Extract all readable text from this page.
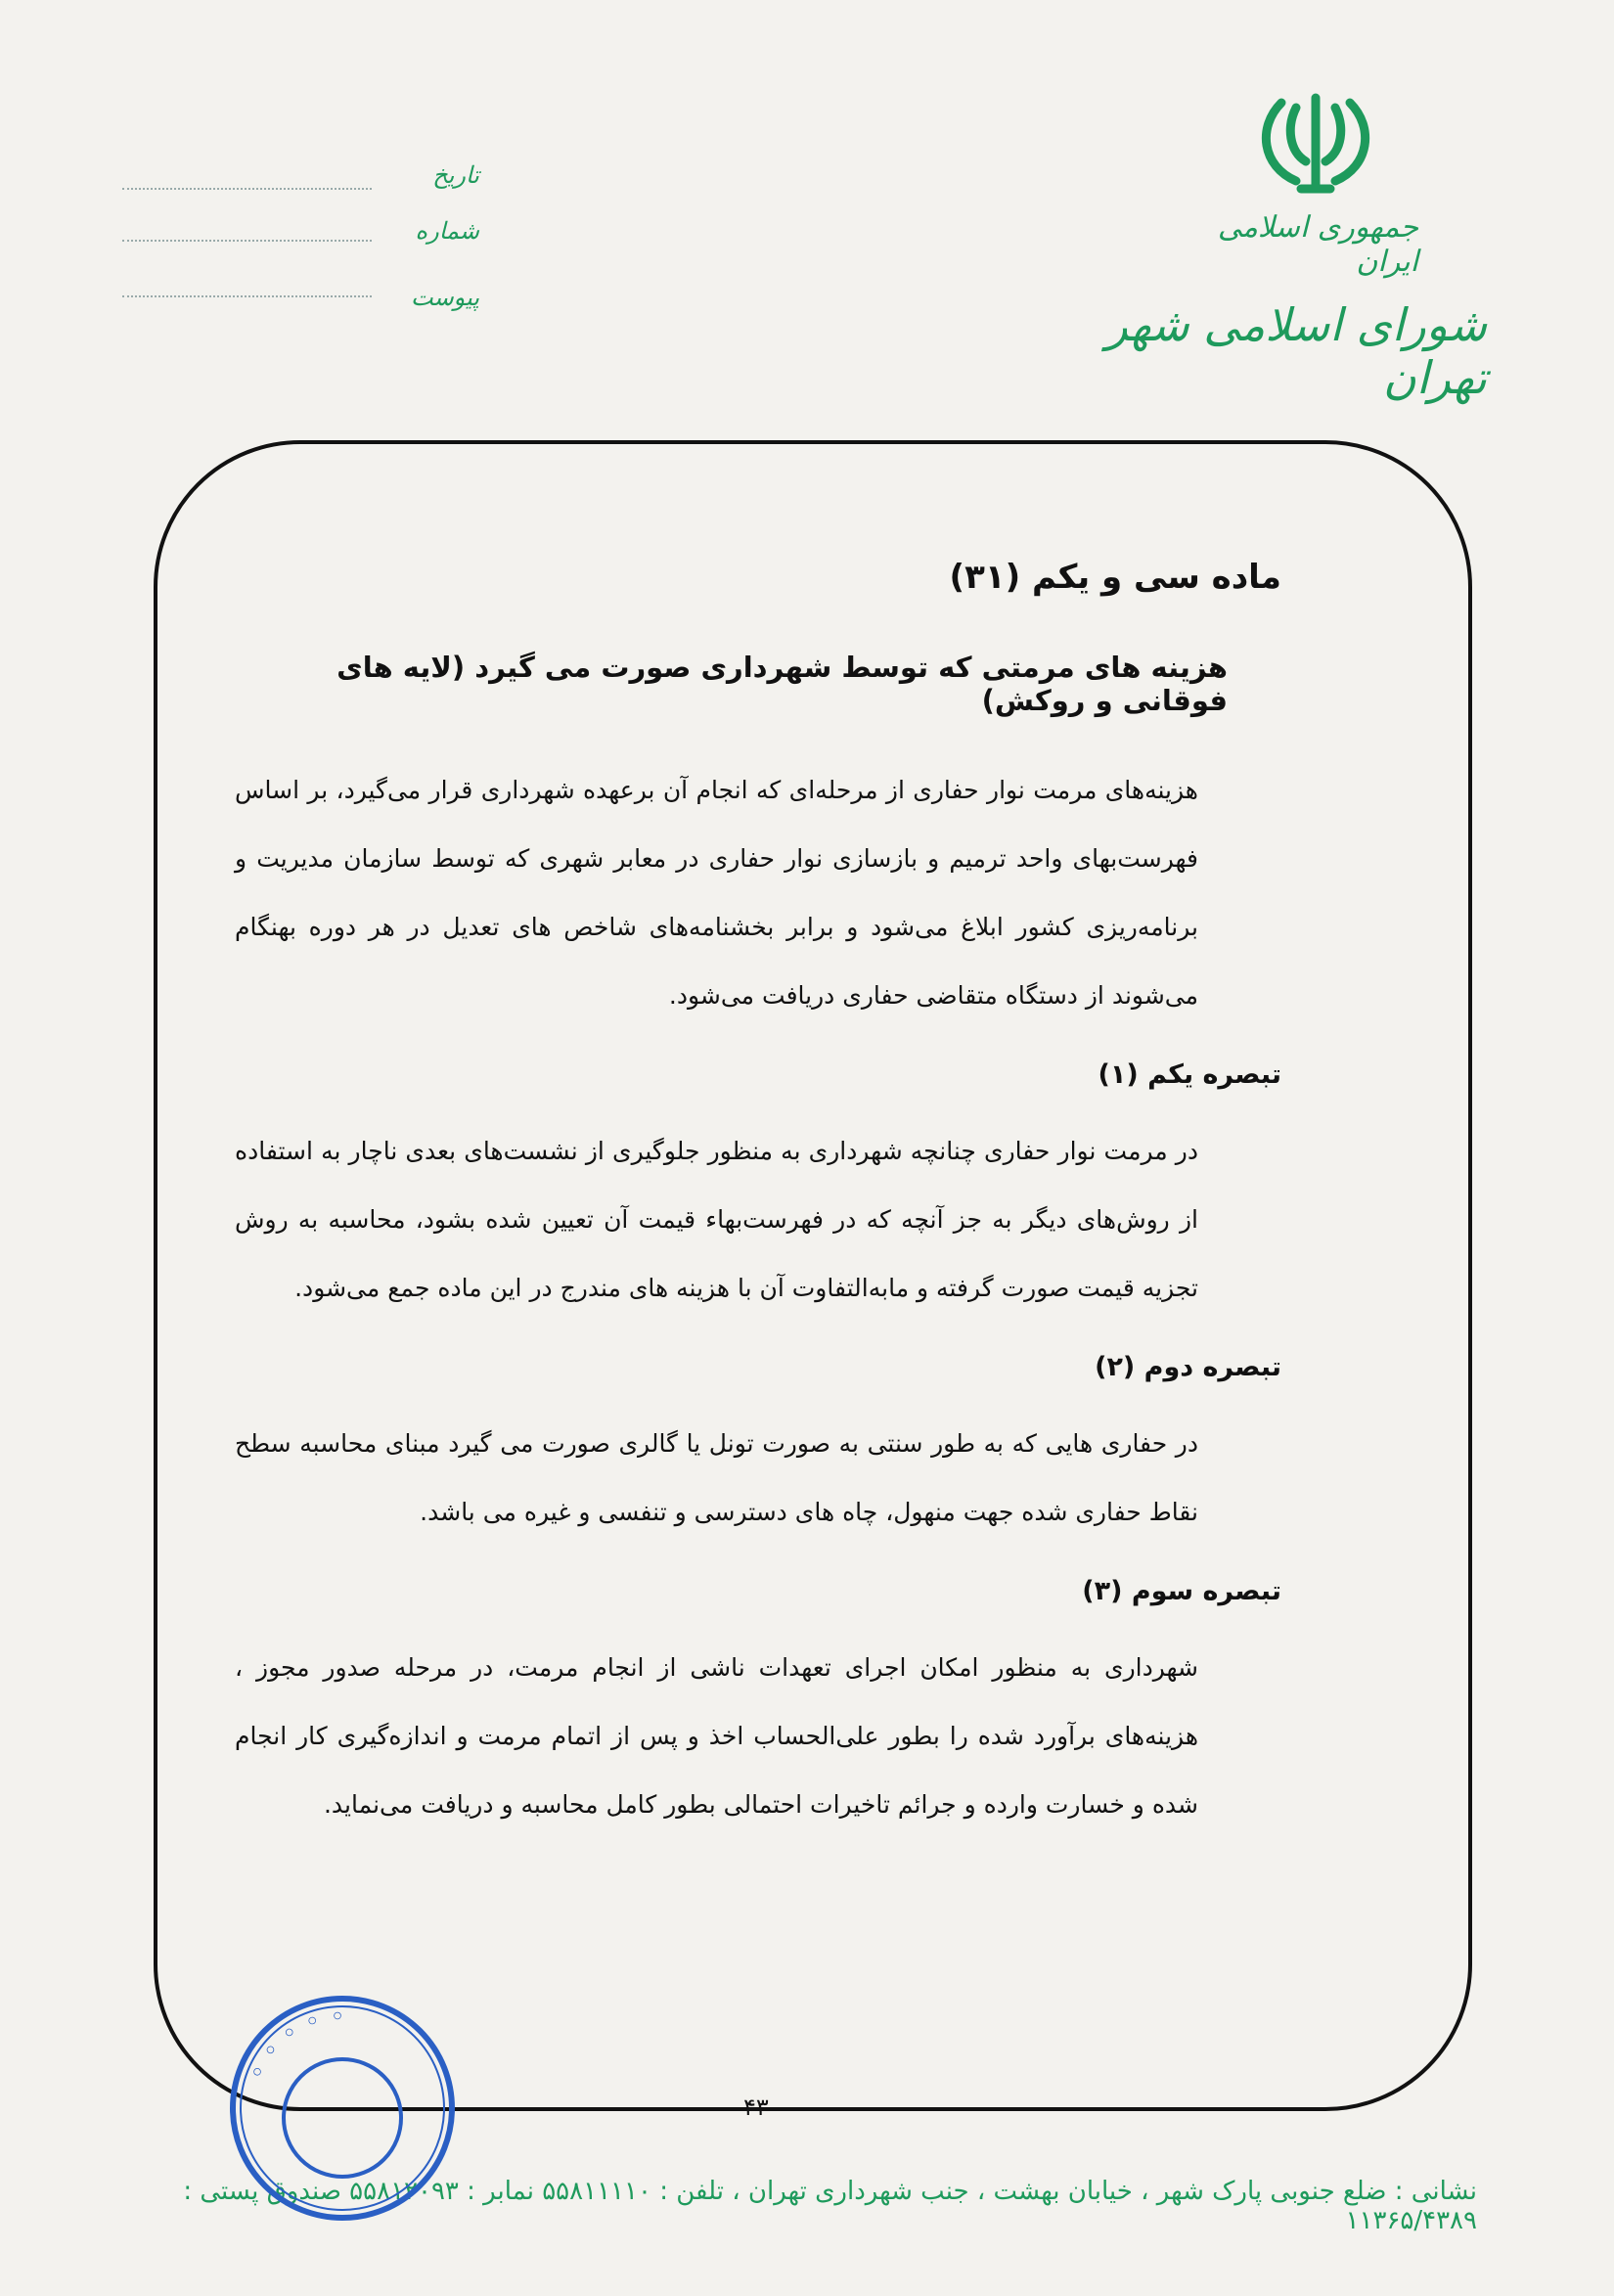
جمهوری اسلامی ایران
شورای اسلامی شهر تهران
تاریخ
شماره
پیوست
ماده سی و یکم (۳۱)
هزینه های مرمتی که توسط شهرداری صورت می گیرد (لایه های فوقانی و روکش)

هزینه‌های مرمت نوار حفاری از مرحله‌ای که انجام آن برعهده شهرداری قرار می‌گیرد، بر اساس فهرست‌بهای واحد ترمیم و بازسازی نوار حفاری در معابر شهری که توسط سازمان مدیریت و برنامه‌ریزی کشور ابلاغ می‌شود و برابر بخشنامه‌های شاخص های تعدیل در هر دوره بهنگام می‌شوند از دستگاه متقاضی حفاری دریافت می‌شود.

تبصره یکم (۱)

در مرمت نوار حفاری چنانچه شهرداری به منظور جلوگیری از نشست‌های بعدی ناچار به استفاده از روش‌های دیگر به جز آنچه که در فهرست‌بهاء قیمت آن تعیین شده بشود، محاسبه به روش تجزیه قیمت صورت گرفته و مابه‌التفاوت آن با هزینه های مندرج در این ماده جمع می‌شود.

تبصره دوم (۲)

در حفاری هایی که به طور سنتی به صورت تونل یا گالری صورت می گیرد مبنای محاسبه سطح نقاط حفاری شده جهت منهول، چاه های دسترسی و تنفسی و غیره می باشد.

تبصره سوم (۳)

شهرداری به منظور امکان اجرای تعهدات ناشی از انجام مرمت، در مرحله صدور مجوز ، هزینه‌های برآورد شده را بطور علی‌الحساب اخذ و پس از اتمام مرمت و اندازه‌گیری کار انجام شده و خسارت وارده و جرائم تاخیرات احتمالی بطور کامل محاسبه و دریافت می‌نماید.

۴۳
نشانی : ضلع جنوبی پارک شهر ، خیابان بهشت ، جنب شهرداری تهران ، تلفن : ۵۵۸۱۱۱۱۰ نمابر : ۵۵۸۱۲۰۹۳ صندوق پستی : ۱۱۳۶۵/۴۳۸۹
◦ ◦ ◦ ◦ ◦
